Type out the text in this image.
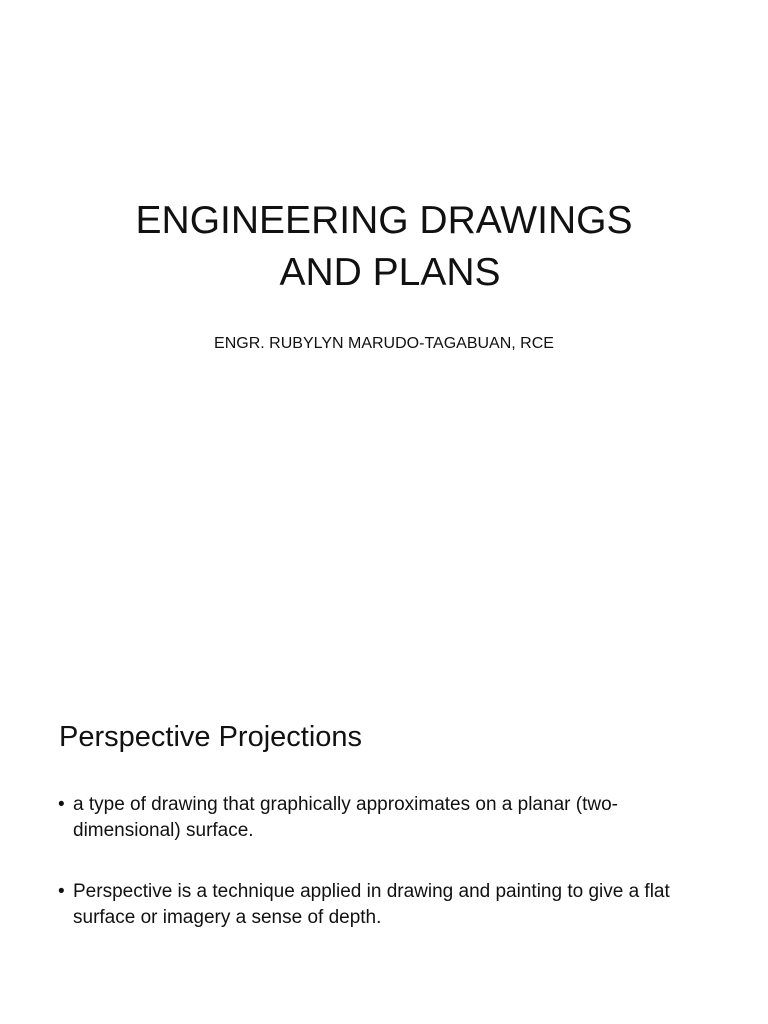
ENGINEERING DRAWINGS
AND PLANS

ENGR. RUBYLYN MARUDO-TAGABUAN, RCE

Perspective Projections
• a type of drawing that graphically approximates on a planar (two-dimensional) surface.
• Perspective is a technique applied in drawing and painting to give a flat surface or imagery a sense of depth.
